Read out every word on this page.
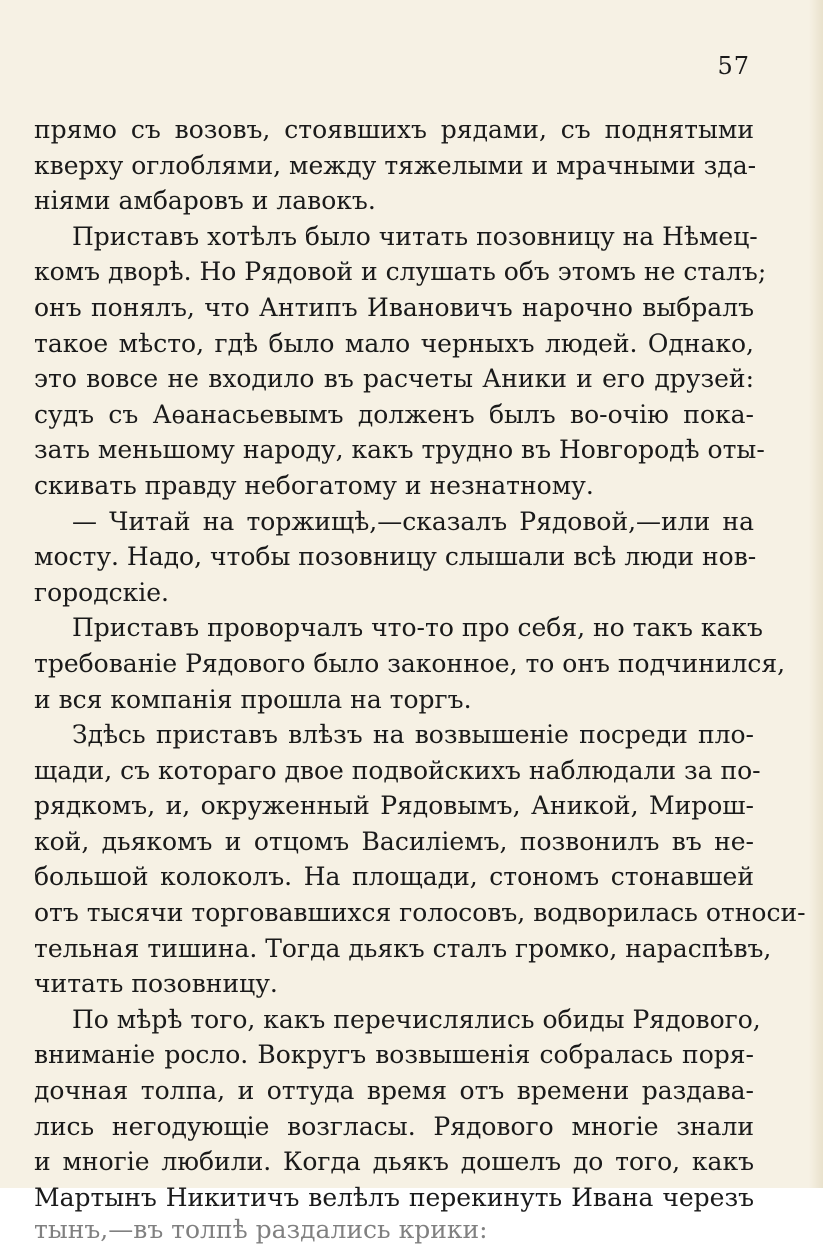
57
прямо съ возовъ, стоявшихъ рядами, съ поднятыми
кверху оглоблями, между тяжелыми и мрачными зда-
ніями амбаровъ и лавокъ.
Приставъ хотѣлъ было читать позовницу на Нѣмец-
комъ дворѣ. Но Рядовой и слушать объ этомъ не сталъ;
онъ понялъ, что Антипъ Ивановичъ нарочно выбралъ
такое мѣсто, гдѣ было мало черныхъ людей. Однако,
это вовсе не входило въ расчеты Аники и его друзей:
судъ съ Аѳанасьевымъ долженъ былъ во-очію пока-
зать меньшому народу, какъ трудно въ Новгородѣ оты-
скивать правду небогатому и незнатному.
— Читай на торжищѣ,—сказалъ Рядовой,—или на
мосту. Надо, чтобы позовницу слышали всѣ люди нов-
городскіе.
Приставъ проворчалъ что-то про себя, но такъ какъ
требованіе Рядового было законное, то онъ подчинился,
и вся компанія прошла на торгъ.
Здѣсь приставъ влѣзъ на возвышеніе посреди пло-
щади, съ котораго двое подвойскихъ наблюдали за по-
рядкомъ, и, окруженный Рядовымъ, Аникой, Мирош-
кой, дьякомъ и отцомъ Василіемъ, позвонилъ въ не-
большой колоколъ. На площади, стономъ стонавшей
отъ тысячи торговавшихся голосовъ, водворилась относи-
тельная тишина. Тогда дьякъ сталъ громко, нараспѣвъ,
читать позовницу.
По мѣрѣ того, какъ перечислялись обиды Рядового,
вниманіе росло. Вокругъ возвышенія собралась поря-
дочная толпа, и оттуда время отъ времени раздава-
лись негодующіе возгласы. Рядового многіе знали
и многіе любили. Когда дьякъ дошелъ до того, какъ
Мартынъ Никитичъ велѣлъ перекинуть Ивана черезъ
тынъ,—въ толпѣ раздались крики:
